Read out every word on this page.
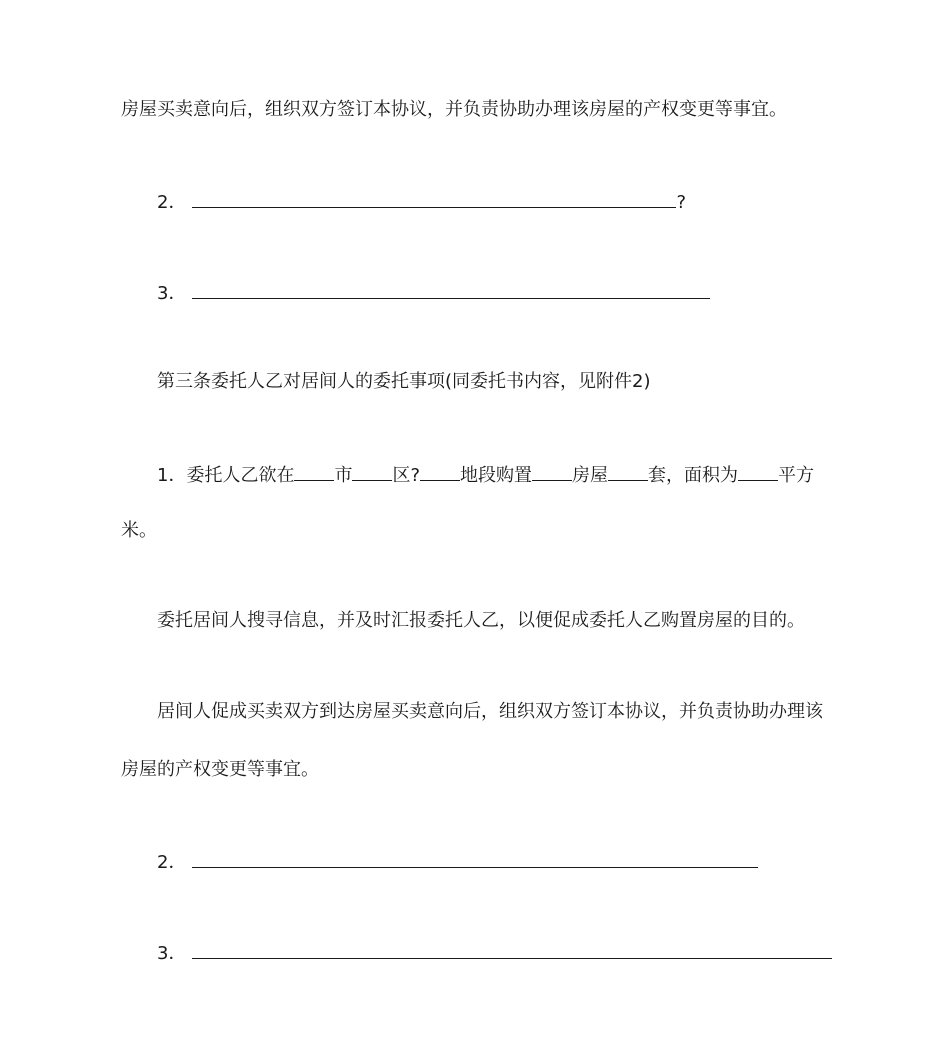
房屋买卖意向后，组织双方签订本协议，并负责协助办理该房屋的产权变更等事宜。
2．	?
3．
第三条委托人乙对居间人的委托事项(同委托书内容，见附件2)
1．委托人乙欲在 市 区? 地段购置 房屋 套，面积为 平方
米。
委托居间人搜寻信息，并及时汇报委托人乙，以便促成委托人乙购置房屋的目的。
居间人促成买卖双方到达房屋买卖意向后，组织双方签订本协议，并负责协助办理该
房屋的产权变更等事宜。
2．
3．
